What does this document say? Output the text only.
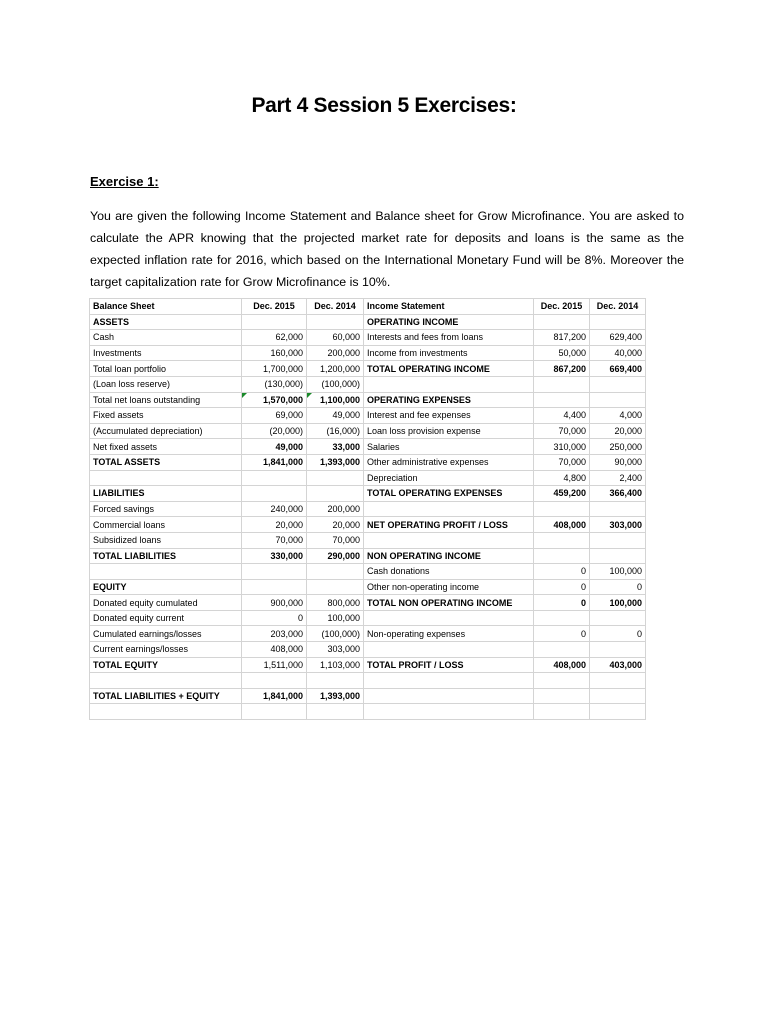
Part 4 Session 5 Exercises:
Exercise 1:

You are given the following Income Statement and Balance sheet for Grow Microfinance. You are asked to calculate the APR knowing that the projected market rate for deposits and loans is the same as the expected inflation rate for 2016, which based on the International Monetary Fund will be 8%. Moreover the target capitalization rate for Grow Microfinance is 10%.

Balance Sheet	Dec. 2015	Dec. 2014	Income Statement	Dec. 2015	Dec. 2014
ASSETS			OPERATING INCOME		
Cash	62,000	60,000	Interests and fees from loans	817,200	629,400
Investments	160,000	200,000	Income from investments	50,000	40,000
Total loan portfolio	1,700,000	1,200,000	TOTAL OPERATING INCOME	867,200	669,400
(Loan loss reserve)	(130,000)	(100,000)			
Total net loans outstanding	1,570,000	1,100,000	OPERATING EXPENSES		
Fixed assets	69,000	49,000	Interest and fee expenses	4,400	4,000
(Accumulated depreciation)	(20,000)	(16,000)	Loan loss provision expense	70,000	20,000
Net fixed assets	49,000	33,000	Salaries	310,000	250,000
TOTAL ASSETS	1,841,000	1,393,000	Other administrative expenses	70,000	90,000
			Depreciation	4,800	2,400
LIABILITIES			TOTAL OPERATING EXPENSES	459,200	366,400
Forced savings	240,000	200,000			
Commercial loans	20,000	20,000	NET OPERATING PROFIT / LOSS	408,000	303,000
Subsidized loans	70,000	70,000			
TOTAL LIABILITIES	330,000	290,000	NON OPERATING INCOME		
			Cash donations	0	100,000
EQUITY			Other non-operating income	0	0
Donated equity cumulated	900,000	800,000	TOTAL NON OPERATING INCOME	0	100,000
Donated equity current	0	100,000			
Cumulated earnings/losses	203,000	(100,000)	Non-operating expenses	0	0
Current earnings/losses	408,000	303,000			
TOTAL EQUITY	1,511,000	1,103,000	TOTAL PROFIT / LOSS	408,000	403,000

TOTAL LIABILITIES + EQUITY	1,841,000	1,393,000			
